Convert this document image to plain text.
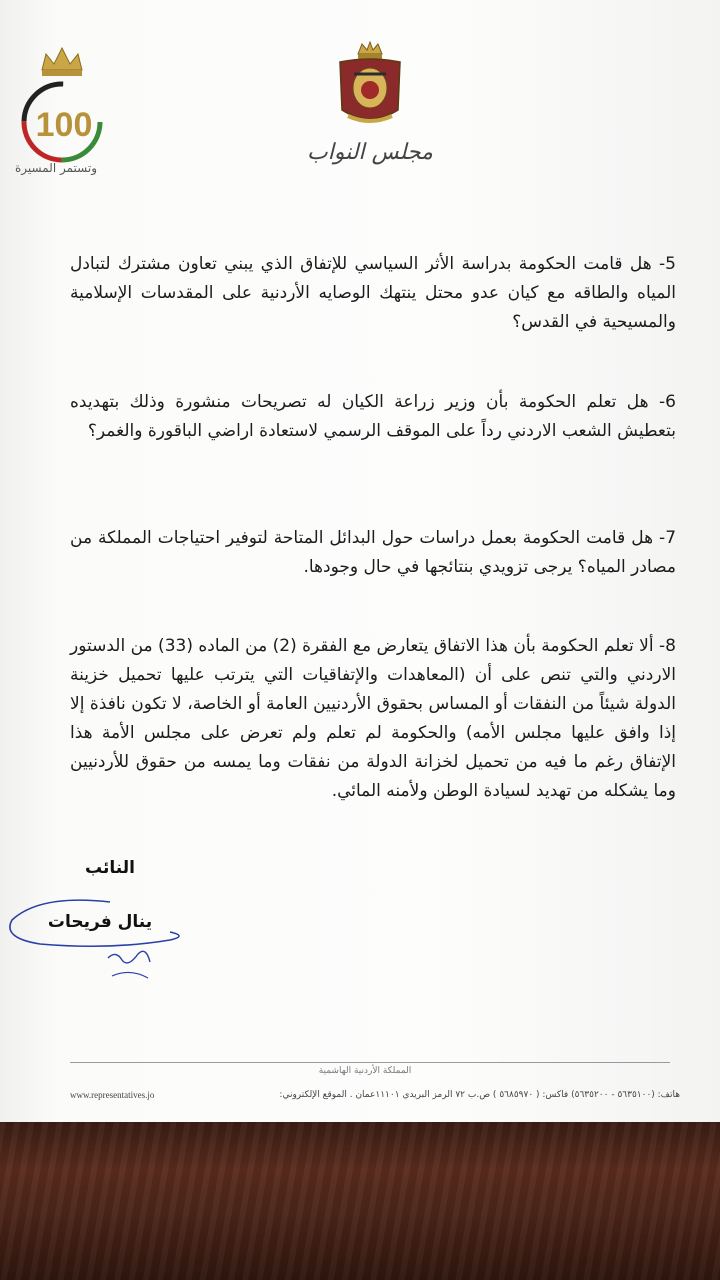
100
وتستمر المسيرة
مجلس النواب
5- هل قامت الحكومة بدراسة الأثر السياسي للإتفاق الذي يبني تعاون مشترك لتبادل المياه والطاقه مع كيان عدو محتل ينتهك الوصايه الأردنية على المقدسات الإسلامية والمسيحية في القدس؟
6- هل تعلم الحكومة بأن وزير زراعة الكيان له تصريحات منشورة وذلك بتهديده بتعطيش الشعب الاردني رداً على الموقف الرسمي لاستعادة اراضي الباقورة والغمر؟
7- هل قامت الحكومة بعمل دراسات حول البدائل المتاحة لتوفير احتياجات المملكة من مصادر المياه؟ يرجى تزويدي بنتائجها في حال وجودها.
8- ألا تعلم الحكومة بأن هذا الاتفاق يتعارض مع الفقرة (2) من الماده (33) من الدستور الاردني والتي تنص على أن (المعاهدات والإتفاقيات التي يترتب عليها تحميل خزينة الدولة شيئاً من النفقات أو المساس بحقوق الأردنيين العامة أو الخاصة، لا تكون نافذة إلا إذا وافق عليها مجلس الأمه) والحكومة لم تعلم ولم تعرض على مجلس الأمة هذا الإتفاق رغم ما فيه من تحميل لخزانة الدولة من نفقات وما يمسه من حقوق للأردنيين وما يشكله من تهديد لسيادة الوطن ولأمنه المائي.
النائب
ينال فريحات
المملكة الأردنية الهاشمية
هاتف: (٥٦٣٥١٠٠ - ٥٦٣٥٢٠٠) فاكس: ( ٥٦٨٥٩٧٠ ) ص.ب ٧٢ الرمز البريدي ١١١٠١عمان . الموقع الإلكتروني:
www.representatives.jo
